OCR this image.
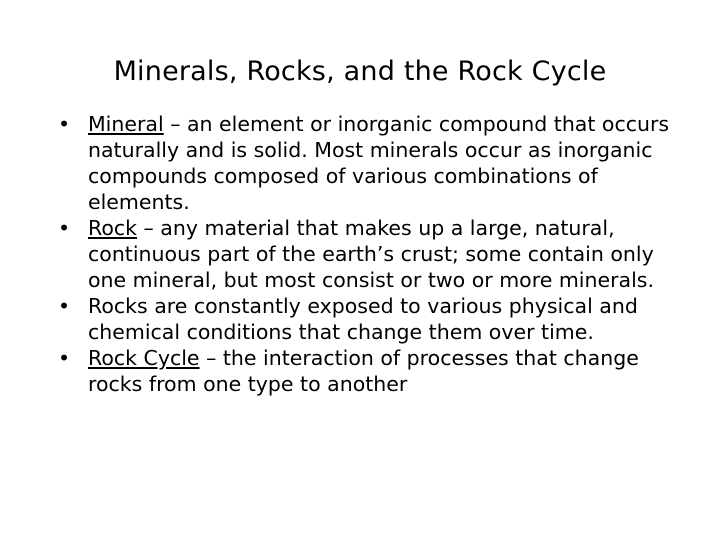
Minerals, Rocks, and the Rock Cycle
• Mineral – an element or inorganic compound that occurs naturally and is solid. Most minerals occur as inorganic compounds composed of various combinations of elements.
• Rock – any material that makes up a large, natural, continuous part of the earth’s crust; some contain only one mineral, but most consist or two or more minerals.
• Rocks are constantly exposed to various physical and chemical conditions that change them over time.
• Rock Cycle – the interaction of processes that change rocks from one type to another
